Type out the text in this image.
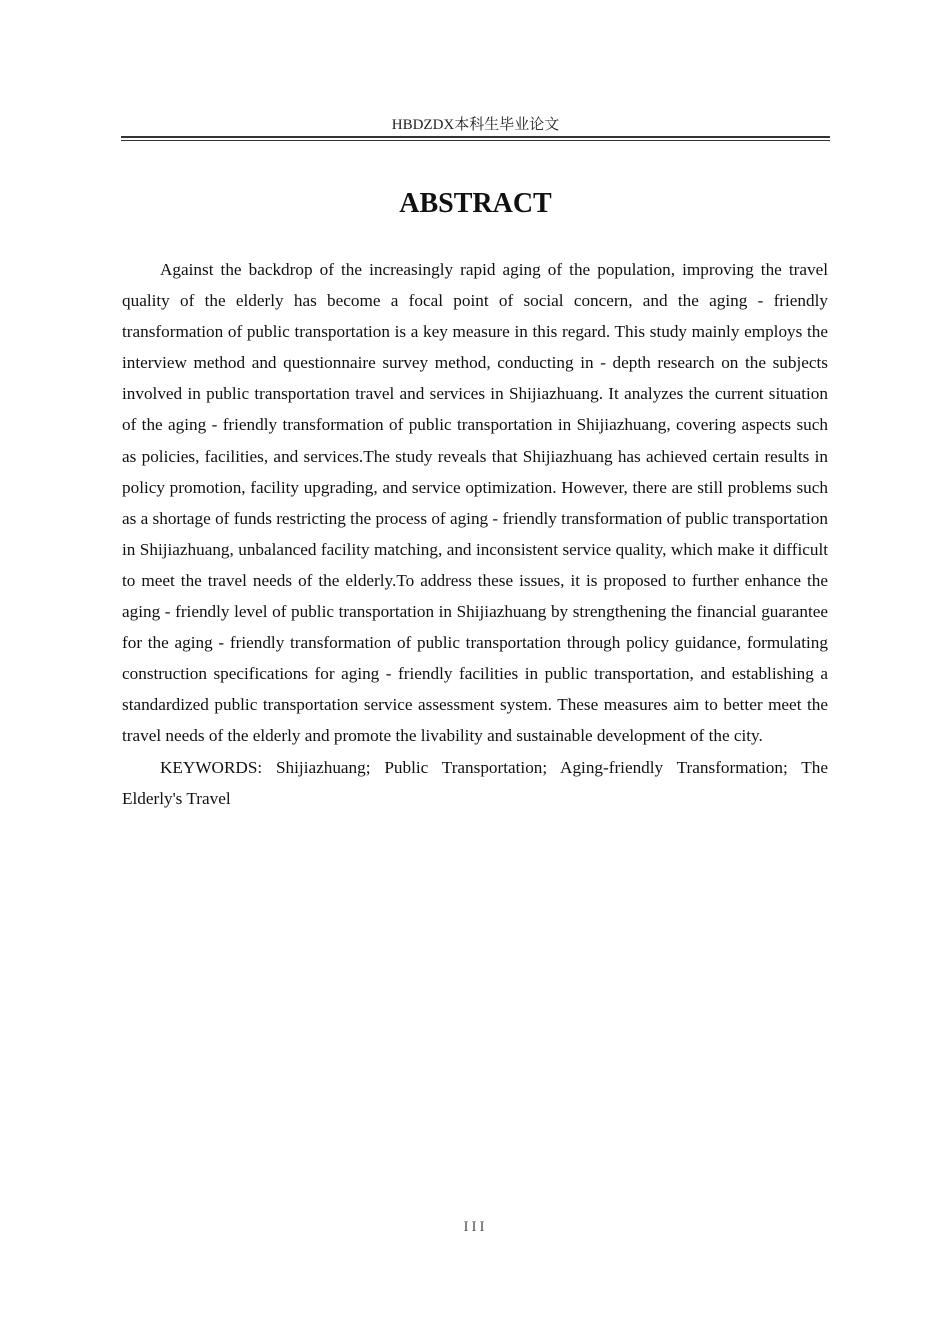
HBDZDX本科生毕业论文
ABSTRACT

Against the backdrop of the increasingly rapid aging of the population, improving the travel quality of the elderly has become a focal point of social concern, and the aging - friendly transformation of public transportation is a key measure in this regard. This study mainly employs the interview method and questionnaire survey method, conducting in - depth research on the subjects involved in public transportation travel and services in Shijiazhuang. It analyzes the current situation of the aging - friendly transformation of public transportation in Shijiazhuang, covering aspects such as policies, facilities, and services.The study reveals that Shijiazhuang has achieved certain results in policy promotion, facility upgrading, and service optimization. However, there are still problems such as a shortage of funds restricting the process of aging - friendly transformation of public transportation in Shijiazhuang, unbalanced facility matching, and inconsistent service quality, which make it difficult to meet the travel needs of the elderly.To address these issues, it is proposed to further enhance the aging - friendly level of public transportation in Shijiazhuang by strengthening the financial guarantee for the aging - friendly transformation of public transportation through policy guidance, formulating construction specifications for aging - friendly facilities in public transportation, and establishing a standardized public transportation service assessment system. These measures aim to better meet the travel needs of the elderly and promote the livability and sustainable development of the city.

KEYWORDS: Shijiazhuang; Public Transportation; Aging-friendly Transformation; The Elderly's Travel

III
